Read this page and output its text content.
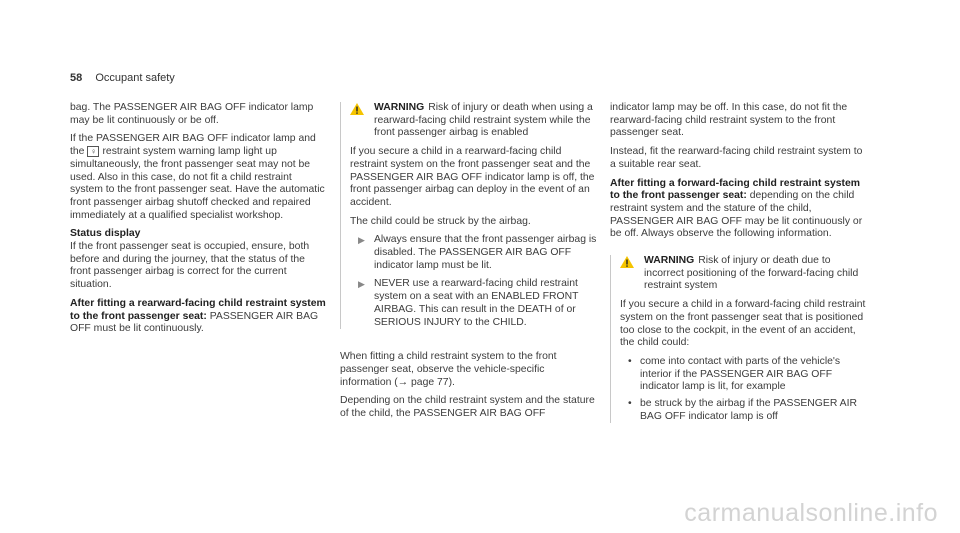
58 Occupant safety

bag. The PASSENGER AIR BAG OFF indicator lamp may be lit continuously or be off.

If the PASSENGER AIR BAG OFF indicator lamp and the ♀ restraint system warning lamp light up simultaneously, the front passenger seat may not be used. Also in this case, do not fit a child restraint system to the front passenger seat. Have the automatic front passenger airbag shutoff checked and repaired immediately at a qualified specialist workshop.

Status display

If the front passenger seat is occupied, ensure, both before and during the journey, that the status of the front passenger airbag is correct for the current situation.

After fitting a rearward-facing child restraint system to the front passenger seat: PASSENGER AIR BAG OFF must be lit continuously.

WARNING Risk of injury or death when using a rearward-facing child restraint system while the front passenger airbag is enabled

If you secure a child in a rearward-facing child restraint system on the front passenger seat and the PASSENGER AIR BAG OFF indicator lamp is off, the front passenger airbag can deploy in the event of an accident.

The child could be struck by the airbag.

▶ Always ensure that the front passenger airbag is disabled. The PASSENGER AIR BAG OFF indicator lamp must be lit.
▶ NEVER use a rearward-facing child restraint system on a seat with an ENABLED FRONT AIRBAG. This can result in the DEATH of or SERIOUS INJURY to the CHILD.

When fitting a child restraint system to the front passenger seat, observe the vehicle-specific information (→ page 77).

Depending on the child restraint system and the stature of the child, the PASSENGER AIR BAG OFF

indicator lamp may be off. In this case, do not fit the rearward-facing child restraint system to the front passenger seat.

Instead, fit the rearward-facing child restraint system to a suitable rear seat.

After fitting a forward-facing child restraint system to the front passenger seat: depending on the child restraint system and the stature of the child, PASSENGER AIR BAG OFF may be lit continuously or be off. Always observe the following information.

WARNING Risk of injury or death due to incorrect positioning of the forward-facing child restraint system

If you secure a child in a forward-facing child restraint system on the front passenger seat that is positioned too close to the cockpit, in the event of an accident, the child could:

• come into contact with parts of the vehicle's interior if the PASSENGER AIR BAG OFF indicator lamp is lit, for example
• be struck by the airbag if the PASSENGER AIR BAG OFF indicator lamp is off
carmanualsonline.info
